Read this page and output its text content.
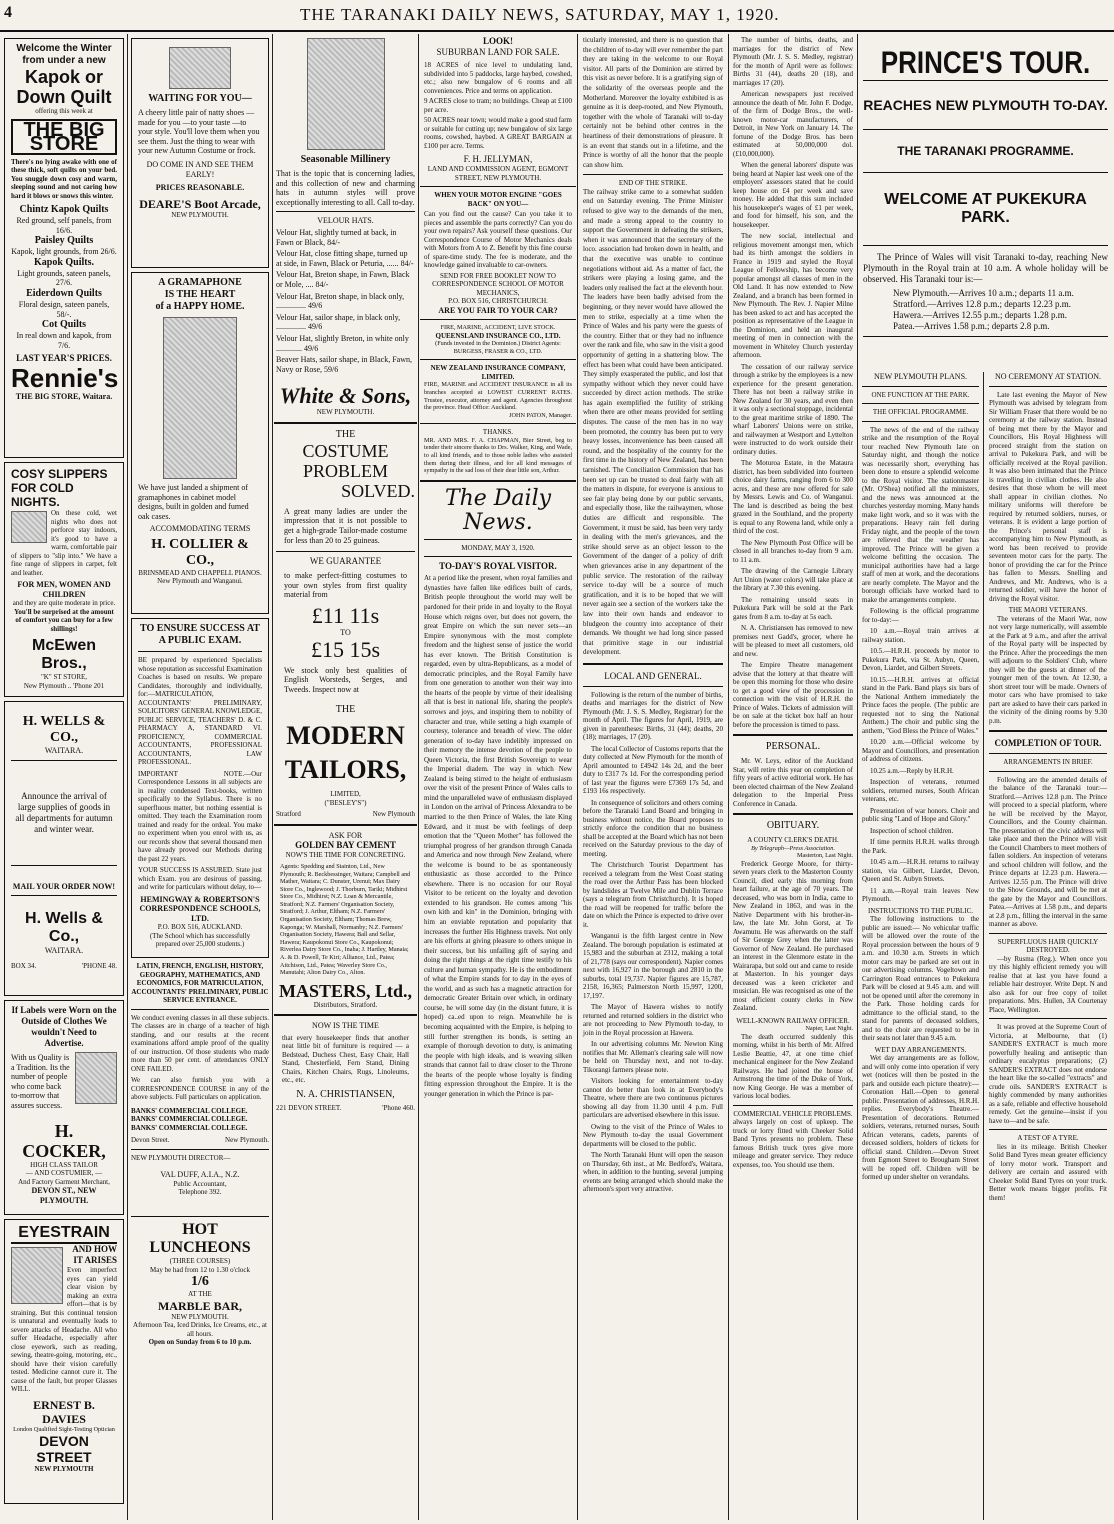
4	THE TARANAKI DAILY NEWS, SATURDAY, MAY 1, 1920.
Welcome the Winter
from under a new
Kapok or
Down Quilt
offering this week at
THE BIG STORE
There's no lying awake with one of these thick, soft quilts on your bed. You snuggle down cosy and warm, sleeping sound and not caring how hard it blows or snows this winter.
Chintz Kapok Quilts
Red ground, self panels, from 16/6.
Paisley Quilts
Kapok, light grounds, from 26/6.
Kapok Quilts.
Light grounds, sateen panels, 27/6.
Eiderdown Quilts
Floral design, sateen panels, 58/-.
Cot Quilts
In real down and kapok, from 7/6.
LAST YEAR'S PRICES.
Rennie's
THE BIG STORE, Waitara.
COSY SLIPPERS FOR COLD NIGHTS.
On these cold, wet nights who does not perforce stay indoors, it's good to have a warm, comfortable pair of slippers to "slip into." We have a fine range of slippers in carpet, felt and leather.
FOR MEN, WOMEN AND CHILDREN
and they are quite moderate in price.
You'll be surprised at the amount of comfort you can buy for a few shillings!
McEwen Bros.,
"K" ST STORE,
New Plymouth .. 'Phone 201
H. WELLS & CO.,
WAITARA.
Announce the arrival of large supplies of goods in all departments for autumn and winter wear.
MAIL YOUR ORDER NOW!
H. Wells & Co.,
WAITARA.
BOX 34.	'PHONE 48.
If Labels were Worn on the Outside of Clothes We wouldn't Need to Advertise.
With us Quality is a Tradition. Its the number of people who come back to-morrow that assures success.
H. COCKER,
HIGH CLASS TAILOR
— AND COSTUMIER, —
And Factory Garment Merchant,
DEVON ST., NEW PLYMOUTH.
EYESTRAIN
AND HOW IT ARISES
Even imperfect eyes can yield clear vision by making an extra effort—that is by straining. But this continual tension is unnatural and eventually leads to severe attacks of Headache. All who suffer Headache, especially after close eyework, such as reading, sewing, theatre-going, motoring, etc., should have their vision carefully tested. Medicine cannot cure it. The cause of the fault, but proper Glasses WILL.
ERNEST B. DAVIES
London Qualified Sight-Testing Optician
DEVON STREET
NEW PLYMOUTH
WAITING FOR YOU—
A cheery little pair of natty shoes —made for you —to your taste —to your style. You'll love them when you see them. Just the thing to wear with your new Autumn Costume or frock.
DO COME IN AND SEE THEM EARLY!
PRICES REASONABLE.
DEARE'S Boot Arcade,
NEW PLYMOUTH.
A GRAMAPHONE
IS THE HEART
of a HAPPY HOME.
We have just landed a shipment of gramaphones in cabinet model designs, built in golden and fumed oak cases.
ACCOMMODATING TERMS
H. COLLIER & CO.,
BRINSMEAD AND CHAPPELL PIANOS.
New Plymouth and Wanganui.
TO ENSURE SUCCESS AT A PUBLIC EXAM.
BE prepared by experienced Specialists whose reputation as successful Examination Coaches is based on results. We prepare Candidates, thoroughly and individually, for:—MATRICULATION, ACCOUNTANTS' PRELIMINARY, SOLICITORS' GENERAL KNOWLEDGE, PUBLIC SERVICE, TEACHERS' D. & C. PHARMACY A, STANDARD VI. PROFICIENCY, COMMERCIAL ACCOUNTANTS, PROFESSIONAL ACCOUNTANTS, LAW PROFESSIONAL.
IMPORTANT NOTE.—Our Correspondence Lessons in all subjects are in reality condensed Text-books, written specifically to the Syllabus. There is no superfluous matter, but nothing essential is omitted. They teach the Examination room trained and ready for the ordeal. You make no experiment when you enrol with us, as our records show that several thousand men have already proved our Methods during the past 22 years.
YOUR SUCCESS IS ASSURED. State just which Exam. you are desirous of passing, and write for particulars without delay, to—
HEMINGWAY & ROBERTSON'S CORRESPONDENCE SCHOOLS, LTD.
P.O. BOX 516, AUCKLAND.
(The School which has successfully prepared over 25,000 students.)
LATIN, FRENCH, ENGLISH, HISTORY, GEOGRAPHY, MATHEMATICS, AND ECONOMICS, FOR MATRICULATION, ACCOUNTANTS' PRELIMINARY, PUBLIC SERVICE ENTRANCE.
We conduct evening classes in all these subjects. The classes are in charge of a teacher of high standing, and our results at the recent examinations afford ample proof of the quality of our instruction. Of those students who made more than 50 per cent. of attendances ONLY ONE FAILED.
We can also furnish you with a CORRESPONDENCE COURSE in any of the above subjects. Full particulars on application.
BANKS' COMMERCIAL COLLEGE.
BANKS' COMMERCIAL COLLEGE.
BANKS' COMMERCIAL COLLEGE.
Devon Street.	New Plymouth.
NEW PLYMOUTH DIRECTOR—
VAL DUFF, A.I.A., N.Z.
Public Accountant,
Telephone 392.
HOT LUNCHEONS
(THREE COURSES)
May be had from 12 to 1.30 o'clock
1/6
AT THE
MARBLE BAR,
NEW PLYMOUTH.
Afternoon Tea, Iced Drinks, Ice Creams, etc., at all hours.
Open on Sunday from 6 to 10 p.m.
Seasonable Millinery
That is the topic that is concerning ladies, and this collection of new and charming hats in autumn styles will prove exceptionally interesting to all. Call to-day.
VELOUR HATS.
Velour Hat, slightly turned at back, in Fawn or Black, 84/-
Velour Hat, close fitting shape, turned up at side, in Fawn, Black or Peturia, ...... 84/-
Velour Hat, Breton shape, in Fawn, Black or Mole, .... 84/-
Velour Hat, Breton shape, in black only, ............... 49/6
Velour Hat, sailor shape, in black only, ............... 49/6
Velour Hat, slightly Breton, in white only ............. 49/6
Beaver Hats, sailor shape, in Black, Fawn, Navy or Rose, 59/6
White & Sons,
NEW PLYMOUTH.
THE
COSTUME
PROBLEM
SOLVED.
A great many ladies are under the impression that it is not possible to get a high-grade Tailor-made costume for less than 20 to 25 guineas.
WE GUARANTEE
to make perfect-fitting costumes to your own styles from first quality material from
£11 11s
TO
£15 15s
We stock only best qualities of English Worsteds, Serges, and Tweeds. Inspect now at
THE
MODERN
TAILORS,
LIMITED,
("BESLEY'S")
Stratford	New Plymouth
ASK FOR
GOLDEN BAY CEMENT
NOW'S THE TIME FOR CONCRETING.
Agents: Spedding and Stainton, Ltd., New Plymouth; R. Beckbessinger, Waitara; Campbell and Mather, Waitara; C. Dunster, Urenui; Max Dairy Store Co., Inglewood; J. Thorburn, Tariki; Midhirst Store Co., Midhirst; N.Z. Loan & Mercantile, Stratford; N.Z. Farmers' Organisation Society, Stratford; J. Arthur, Eltham; N.Z. Farmers' Organisation Society, Eltham; Thomas Brew, Kaponga; W. Marshall, Normanby; N.Z. Farmers' Organisation Society, Hawera; Ball and Sellar, Hawera; Kaupokonui Store Co., Kaupokonui; Riverlea Dairy Store Co., Inaha; J. Hartley, Manaia; A. & D. Powell, Te Kiri; Alliance, Ltd., Patea; Aitchison, Ltd., Patea; Waverley Store Co., Manutahi; Alton Dairy Co., Alton.
MASTERS, Ltd.,
Distributors, Stratford.
NOW IS THE TIME
that every housekeeper finds that another neat little bit of furniture is required — a Bedstead, Duchess Chest, Easy Chair, Hall Stand, Chesterfield, Fern Stand, Dining Chairs, Kitchen Chairs, Rugs, Linoleums, etc., etc.
N. A. CHRISTIANSEN,
221 DEVON STREET.	'Phone 460.
LOOK!
SUBURBAN LAND FOR SALE.
18 ACRES of nice level to undulating land, subdivided into 5 paddocks, large haybed, cowshed, etc.; also new bungalow of 6 rooms and all conveniences. Price and terms on application.
9 ACRES close to tram; no buildings. Cheap at £100 per acre.
50 ACRES near town; would make a good stud farm or suitable for cutting up; new bungalow of six large rooms, cowshed, haybed. A GREAT BARGAIN at £100 per acre. Terms.
F. H. JELLYMAN,
LAND AND COMMISSION AGENT, EGMONT STREET, NEW PLYMOUTH.
WHEN YOUR MOTOR ENGINE "GOES BACK" ON YOU—
Can you find out the cause? Can you take it to pieces and assemble the parts correctly? Can you do your own repairs? Ask yourself these questions. Our Correspondence Course of Motor Mechanics deals with Motors from A to Z. Benefit by this fine course of spare-time study. The fee is moderate, and the knowledge gained invaluable to car-owners.
SEND FOR FREE BOOKLET NOW TO
CORRESPONDENCE SCHOOL OF MOTOR MECHANICS,
P.O. BOX 516, CHRISTCHURCH.
ARE YOU FAIR TO YOUR CAR?
FIRE, MARINE, ACCIDENT, LIVE STOCK.
QUEENSLAND INSURANCE CO., LTD.
(Funds invested in the Dominion.) District Agents:
BURGESS, FRASER & CO., LTD.
NEW ZEALAND INSURANCE COMPANY, LIMITED.
FIRE, MARINE and ACCIDENT INSURANCE in all its branches accepted at LOWEST CURRENT RATES. Trustee, executor, attorney and agent. Agencies throughout the province. Head Office: Auckland.
JOHN PATON, Manager.
THANKS.
MR. AND MRS. F. A. CHAPMAN, Bier Street, beg to tender their sincere thanks to Drs. Walker, King, and Wade, to all kind friends, and to those noble ladies who assisted them during their illness, and for all kind messages of sympathy in the sad loss of their dear little son, Arthur.
The Daily News.
MONDAY, MAY 3, 1920.
TO-DAY'S ROYAL VISITOR.
At a period like the present, when royal families and dynasties have fallen like edifices built of cards, British people throughout the world may well be pardoned for their pride in and loyalty to the Royal House which reigns over, but does not govern, the great Empire on which the sun never sets—an Empire synonymous with the most complete freedom and the highest sense of justice the world has ever known. The British Constitution is regarded, even by ultra-Republicans, as a model of democratic principles, and the Royal Family have from one generation to another won their way into the hearts of the people by virtue of their idealising all that is best in national life, sharing the people's sorrows and joys, and inspiring them to nobility of character and true, while setting a high example of courtesy, tolerance and breadth of view. The older generation of to-day have indelibly impressed on their memory the intense devotion of the people to Queen Victoria, the first British Sovereign to wear the Imperial diadem. The way in which New Zealand is being stirred to the height of enthusiasm over the visit of the present Prince of Wales calls to mind the unparalleled wave of enthusiasm displayed in London on the arrival of Princess Alexandra to be married to the then Prince of Wales, the late King Edward, and it must be with feelings of deep emotion that the "Queen Mother" has followed the triumphal progress of her grandson through Canada and America and now through New Zealand, where the welcome is bound to be as spontaneously enthusiastic as those accorded to the Prince elsewhere. There is no occasion for our Royal Visitor to be reticent on the loyalty and devotion extended to his grandson. He comes among "his own kith and kin" in the Dominion, bringing with him an enviable reputation and popularity that increases the further His Highness travels. Not only are his efforts at giving pleasure to others unique in their success, but his unfailing gift of saying and doing the right things at the right time testify to his culture and human sympathy. He is the embodiment of what the Empire stands for to day in the eyes of the world, and as such has a magnetic attraction for democratic Greater Britain over which, in ordinary course, he will some day (in the distant future, it is hoped) ca..ed upon to reign. Meanwhile he is becoming acquainted with the Empire, is helping to still further strengthen its bonds, is setting an example of thorough devotion to duty, is animating the people with high ideals, and is weaving silken strands that cannot fail to draw closer to the Throne the hearts of the people whose loyalty is finding fitting expression throughout the Empire. It is the younger generation in which the Prince is par-
ticularly interested, and there is no question that the children of to-day will ever remember the part they are taking in the welcome to our Royal visitor. All parts of the Dominion are stirred by this visit as never before. It is a gratifying sign of the solidarity of the overseas people and the Motherland. Moreover the loyalty exhibited is as genuine as it is deep-rooted, and New Plymouth, together with the whole of Taranaki will to-day certainly not be behind other centres in the heartiness of their demonstrations of pleasure. It is an event that stands out in a lifetime, and the Prince is worthy of all the honor that the people can show him.
END OF THE STRIKE.
The railway strike came to a somewhat sudden end on Saturday evening. The Prime Minister refused to give way to the demands of the men, and made a strong appeal to the country to support the Government in defeating the strikers, when it was announced that the secretary of the loco. association had broken down in health, and that the executive was unable to continue negotiations without aid. As a matter of fact, the strikers were playing a losing game, and the leaders only realised the fact at the eleventh hour. The leaders have been badly advised from the beginning, or they never would have allowed the men to strike, especially at a time when the Prince of Wales and his party were the guests of the country. Either that or they had no influence over the rank and file, who saw in the visit a good opportunity of getting in a shattering blow. The effect has been what could have been anticipated. They simply exasperated the public, and lost that sympathy without which they never could have succeeded by direct action methods. The strike has again exemplified the futility of striking when there are other means provided for settling disputes. The cause of the men has in no way been promoted, the country has been put to very heavy losses, inconvenience has been caused all round, and the hospitality of the country for the first time in the history of New Zealand, has been tarnished. The Conciliation Commission that has been set up can be trusted to deal fairly with all the matters in dispute, for everyone is anxious to see fair play being done by our public servants, and especially those, like the railwaymen, whose duties are difficult and responsible. The Government, it must be said, has been very tardy in dealing with the men's grievances, and the strike should serve as an object lesson to the Government of the danger of a policy of drift when grievances arise in any department of the public service. The restoration of the railway service to-day will be a source of much gratification, and it is to be hoped that we will never again see a section of the workers take the law into their own hands and endeavor to bludgeon the country into acceptance of their demands. We thought we had long since passed that primitive stage in our industrial development.
LOCAL AND GENERAL.
Following is the return of the number of births, deaths and marriages for the district of New Plymouth (Mr. J. S. S. Medley, Registrar) for the month of April. The figures for April, 1919, are given in parentheses: Births, 31 (44); deaths, 20 (18); marriages, 17 (20).
The local Collector of Customs reports that the duty collected at New Plymouth for the month of April amounted to £4942 14s 2d, and the beer duty to £317 7s 1d. For the corresponding period of last year the figures were £7369 17s 5d, and £193 16s respectively.
In consequence of solicitors and others coming before the Taranaki Land Board and bringing in business without notice, the Board proposes to strictly enforce the condition that no business shall be accepted at the Board which has not been received on the Saturday previous to the day of meeting.
The Christchurch Tourist Department has received a telegram from the West Coast stating the road over the Arthur Pass has been blocked by landslides at Twelve Mile and Dublin Terrace (says a telegram from Christchurch). It is hoped the road will be reopened for traffic before the date on which the Prince is expected to drive over it.
Wanganui is the fifth largest centre in New Zealand. The borough population is estimated at 15,983 and the suburban at 2312, making a total of 21,778 (says our correspondent). Napier comes next with 16,927 in the borough and 2810 in the suburbs, total 19,737. Napier figures are 15,787, 2158, 16,365; Palmerston North 15,997, 1200, 17,197.
The Mayor of Hawera wishes to notify returned and returned soldiers in the district who are not proceeding to New Plymouth to-day, to join in the Royal procession at Hawera.
In our advertising columns Mr. Newton King notifies that Mr. Alleman's clearing sale will now be held on Thursday next, and not to-day. Tikorangi farmers please note.
Visitors looking for entertainment to-day cannot do better than look in at Everybody's Theatre, where there are two continuous pictures showing all day from 11.30 until 4 p.m. Full particulars are advertised elsewhere in this issue.
Owing to the visit of the Prince of Wales to New Plymouth to-day the usual Government departments will be closed to the public.
The North Taranaki Hunt will open the season on Thursday, 6th inst., at Mr. Bedford's, Waitara, when, in addition to the hunting, several jumping events are being arranged which should make the afternoon's sport very attractive.
The number of births, deaths, and marriages for the district of New Plymouth (Mr. J. S. S. Medley, registrar) for the month of April were as follows: Births 31 (44), deaths 20 (18), and marriages 17 (20).
American newspapers just received announce the death of Mr. John F. Dodge, of the firm of Dodge Bros., the well-known motor-car manufacturers, of Detroit, in New York on January 14. The fortune of the Dodge Bros. has been estimated at 50,000,000 dol. (£10,000,000).
When the general laborers' dispute was being heard at Napier last week one of the employers' assessors stated that he could keep house on £4 per week and save money. He added that this sum included his housekeeper's wages of £1 per week, and food for himself, his son, and the housekeeper.
The new social, intellectual and religious movement amongst men, which had its birth amongst the soldiers in France in 1919 and styled the Royal League of Fellowship, has become very popular amongst all classes of men in the Old Land. It has now extended to New Zealand, and a branch has been formed in New Plymouth. The Rev. J. Napier Milne has been asked to act and has accepted the position as representative of the League in the Dominion, and held an inaugural meeting of men in connection with the movement in Whiteley Church yesterday afternoon.
The cessation of our railway service through a strike by the employees is a new experience for the present generation. There has not been a railway strike in New Zealand for 30 years, and even then it was only a sectional stoppage, incidental to the great maritime strike of 1890. The wharf Laborers' Unions were on strike, and railwaymen at Westport and Lyttelton were instructed to do work outside their ordinary duties.
The Moturoa Estate, in the Mataura district, has been subdivided into fourteen choice dairy farms, ranging from 6 to 300 acres, and these are now offered for sale by Messrs. Lewis and Co. of Wanganui. The land is described as being the best grazed in the Southland, and the property is equal to any Rowena land, while only a third of the cost.
The New Plymouth Post Office will be closed in all branches to-day from 9 a.m. to 11 a.m.
The drawing of the Carnegie Library Art Union (water colors) will take place at the library at 7.30 this evening.
The remaining unsold seats in Pukekura Park will be sold at the Park gates from 8 a.m. to-day at 5s each.
N. A. Christiansen has removed to new premises next Gadd's, grocer, where he will be pleased to meet all customers, old and new.
The Empire Theatre management advise that the lottery at that theatre will be open this morning for those who desire to get a good view of the procession in connection with the visit of H.R.H. the Prince of Wales. Tickets of admission will be on sale at the ticket box half an hour before the procession is timed to pass.
PERSONAL.
Mr. W. Leys, editor of the Auckland Star, will retire this year on completion of fifty years of active editorial work. He has been elected chairman of the New Zealand delegation to the Imperial Press Conference in Canada.
OBITUARY.
A COUNTY CLERK'S DEATH.
By Telegraph—Press Association.
Masterton, Last Night.
Frederick George Moore, for thirty-seven years clerk to the Masterton County Council, died early this morning from heart failure, at the age of 70 years. The deceased, who was born in India, came to New Zealand in 1863, and was in the Native Department with his brother-in-law, the late Mr. John Gorst, at Te Awamutu. He was afterwards on the staff of Sir George Grey when the latter was Governor of New Zealand. He purchased an interest in the Glenmore estate in the Wairarapa, but sold out and came to reside at Masterton. In his younger days deceased was a keen cricketer and musician. He was recognised as one of the most efficient county clerks in New Zealand.
WELL-KNOWN RAILWAY OFFICER.
Napier, Last Night.
The death occurred suddenly this morning, whilst in his berth of Mr. Alfred Leslie Beattie, 47, at one time chief mechanical engineer for the New Zealand Railways. He had joined the house of Armstrong the time of the Duke of York, now King George. He was a member of various local bodies.
COMMERCIAL VEHICLE PROBLEMS.
always largely on cost of upkeep. The truck or lorry fitted with Cheeker Solid Band Tyres presents no problem. These famous British truck tyres give more mileage and greater service. They reduce expenses, too. You should use them.
PRINCE'S TOUR.
REACHES NEW PLYMOUTH TO-DAY.
THE TARANAKI PROGRAMME.
WELCOME AT PUKEKURA PARK.
The Prince of Wales will visit Taranaki to-day, reaching New Plymouth in the Royal train at 10 a.m. A whole holiday will be observed. His Taranaki tour is:—
New Plymouth.—Arrives 10 a.m.; departs 11 a.m.
Stratford.—Arrives 12.8 p.m.; departs 12.23 p.m.
Hawera.—Arrives 12.55 p.m.; departs 1.28 p.m.
Patea.—Arrives 1.58 p.m.; departs 2.8 p.m.
NEW PLYMOUTH PLANS.
ONE FUNCTION AT THE PARK.
THE OFFICIAL PROGRAMME.
The news of the end of the railway strike and the resumption of the Royal tour reached New Plymouth late on Saturday night, and though the notice was necessarily short, everything has been done to ensure a splendid welcome to the Royal visitor. The stationmaster (Mr. O'Shea) notified all the ministers, and the news was announced at the churches yesterday morning. Many hands make light work, and so it was with the preparations. Heavy rain fell during Friday night, and the people of the town are relieved that the weather has improved. The Prince will be given a welcome befitting the occasion. The municipal authorities have had a large staff of men at work, and the decorations are nearly complete. The Mayor and the borough officials have worked hard to make the arrangements complete.
Following is the official programme for to-day:—
10 a.m.—Royal train arrives at railway station.
10.5.—H.R.H. proceeds by motor to Pukekura Park, via St. Aubyn, Queen, Devon, Liardet, and Gilbert Streets.
10.15.—H.R.H. arrives at official stand in the Park. Band plays six bars of the National Anthem immediately the Prince faces the people. (The public are requested not to sing the National Anthem.) The choir and public sing the anthem, "God Bless the Prince of Wales."
10.20 a.m.—Official welcome by Mayor and Councillors, and presentation of address of citizens.
10.25 a.m.—Reply by H.R.H.
Inspection of veterans, returned soldiers, returned nurses, South African veterans, etc.
Presentation of war honors. Choir and public sing "Land of Hope and Glory."
Inspection of school children.
If time permits H.R.H. walks through the Park.
10.45 a.m.—H.R.H. returns to railway station, via Gilbert, Liardet, Devon, Queen and St. Aubyn Streets.
11 a.m.—Royal train leaves New Plymouth.
INSTRUCTIONS TO THE PUBLIC.
The following instructions to the public are issued:— No vehicular traffic will be allowed over the route of the Royal procession between the hours of 9 a.m. and 10.30 a.m. Streets in which motor cars may be parked are set out in our advertising columns. Vogeltown and Carrington Road entrances to Pukekura Park will be closed at 9.45 a.m. and will not be opened until after the ceremony in the Park. Those holding cards for admittance to the official stand, to the stand for parents of deceased soldiers, and to the choir are requested to be in their seats not later than 9.45 a.m.
WET DAY ARRANGEMENTS.
Wet day arrangements are as follow, and will only come into operation if very wet (notices will then be posted in the park and outside each picture theatre):— Coronation Hall.—Open to general public. Presentation of addresses, H.R.H. replies. Everybody's Theatre.—Presentation of decorations. Returned soldiers, veterans, returned nurses, South African veterans, cadets, parents of deceased soldiers, holders of tickets for official stand. Children.—Devon Street from Egmont Street to Brougham Street will be roped off. Children will be formed up under shelter on verandahs.
NO CEREMONY AT STATION.
Late last evening the Mayor of New Plymouth was advised by telegram from Sir William Fraser that there would be no ceremony at the railway station. Instead of being met there by the Mayor and Councillors, His Royal Highness will proceed straight from the station on arrival to Pukekura Park, and will be officially received at the Royal pavilion. It was also been intimated that the Prince is travelling in civilian clothes. He also desires that those whom he will meet shall appear in civilian clothes. No military uniforms will therefore be required by returned soldiers, nurses, or veterans. It is evident a large portion of the Prince's personal staff is accompanying him to New Plymouth, as word has been received to provide seventeen motor cars for the party. The honor of providing the car for the Prince has fallen to Messrs. Snelling and Andrews, and Mr. Andrews, who is a returned soldier, will have the honor of driving the Royal visitor.
THE MAORI VETERANS.
The veterans of the Maori War, now not very large numerically, will assemble at the Park at 9 a.m., and after the arrival of the Royal party will be inspected by the Prince. After the proceedings the men will adjourn to the Soldiers' Club, where they will be the guests at dinner of the younger men of the town. At 12.30, a short street tour will be made. Owners of motor cars who have promised to take part are asked to have their cars parked in the vicinity of the dining rooms by 9.30 p.m.
COMPLETION OF TOUR.
ARRANGEMENTS IN BRIEF.
Following are the amended details of the balance of the Taranaki tour:— Stratford.—Arrives 12.8 p.m. The Prince will proceed to a special platform, where he will be received by the Mayor, Councillors, and the County chairman. The presentation of the civic address will take place and then the Prince will visit the Council Chambers to meet mothers of fallen soldiers. An inspection of veterans and school children will follow, and the Prince departs at 12.23 p.m. Hawera.—Arrives 12.55 p.m. The Prince will drive to the Show Grounds, and will be met at the gate by the Mayor and Councillors. Patea.—Arrives at 1.58 p.m., and departs at 2.8 p.m., filling the interval in the same manner as above.
SUPERFLUOUS HAIR QUICKLY DESTROYED.
—by Rusma (Reg.). When once you try this highly efficient remedy you will realise that at last you have found a reliable hair destroyer. Write Dept. N and also ask for our free copy of toilet preparations. Mrs. Hullen, 3A Courtenay Place, Wellington.
It was proved at the Supreme Court of Victoria, at Melbourne, that (1) SANDER'S EXTRACT is much more powerfully healing and antiseptic than ordinary eucalyptus preparations; (2) SANDER'S EXTRACT does not endorse the heart like the so-called "extracts" and crude oils. SANDER'S EXTRACT is highly commended by many authorities as a safe, reliable and effective household remedy. Get the genuine—insist if you have to—and be safe.
A TEST OF A TYRE.
lies in its mileage. British Cheeker Solid Band Tyres mean greater efficiency of lorry motor work. Transport and delivery are certain and assured with Cheeker Solid Band Tyres on your truck. Better work means bigger profits. Fit them!
